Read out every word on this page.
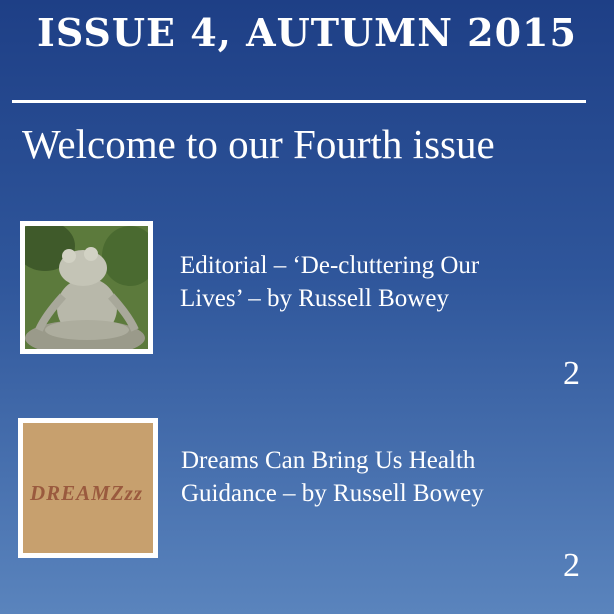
ISSUE 4, AUTUMN 2015
Welcome to our Fourth issue
Editorial – ‘De-cluttering Our
Lives’ – by Russell Bowey
2
DREAMZzz
Dreams Can Bring Us Health
Guidance – by Russell Bowey
2
